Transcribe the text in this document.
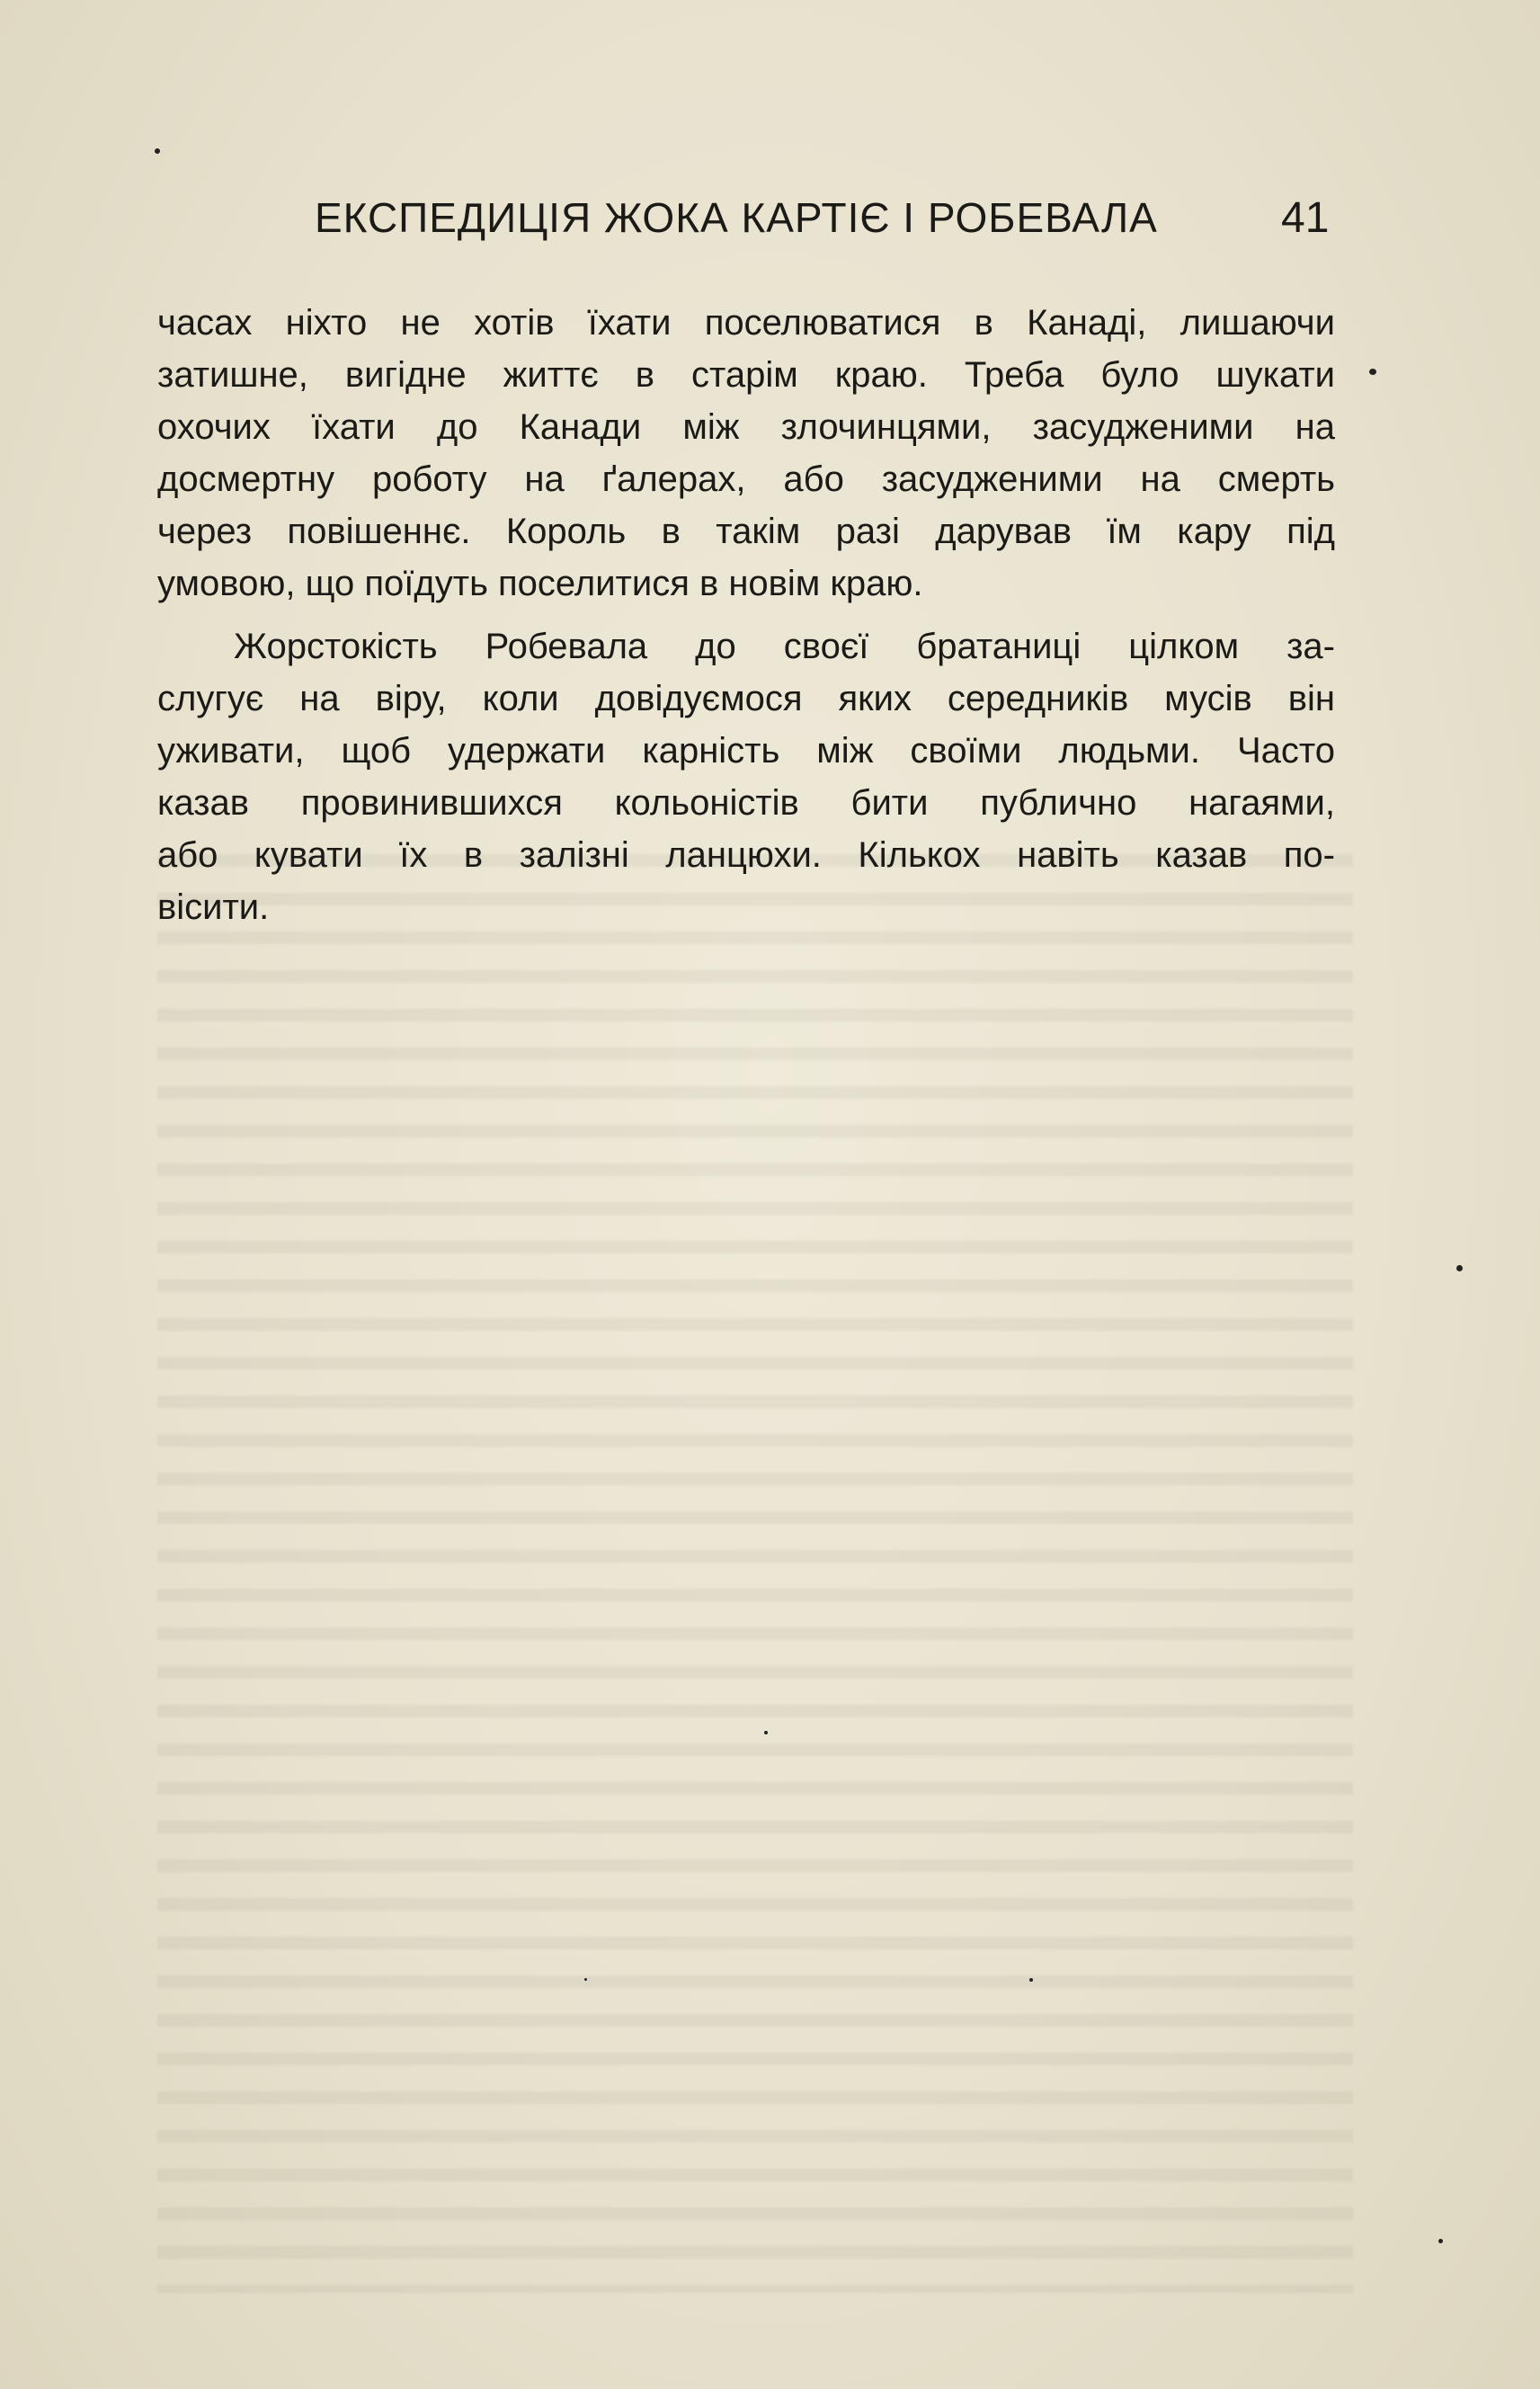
ЕКСПЕДИЦІЯ ЖОКА КАРТІЄ І РОБЕВАЛА	41
часах ніхто не хотів їхати поселюватися в Канаді, лишаючи
затишне, вигідне життє в старім краю. Треба було шукати
охочих їхати до Канади між злочинцями, засудженими на
досмертну роботу на ґалерах, або засудженими на смерть
через повішеннє. Король в такім разі дарував їм кару під
умовою, що поїдуть поселитися в новім краю.
Жорстокість Робевала до своєї братаниці цілком за-
слугує на віру, коли довідуємося яких середників мусів він
уживати, щоб удержати карність між своїми людьми. Часто
казав провинившихся кольоністів бити публично нагаями,
або кувати їх в залізні ланцюхи. Кількох навіть казав по-
вісити.
